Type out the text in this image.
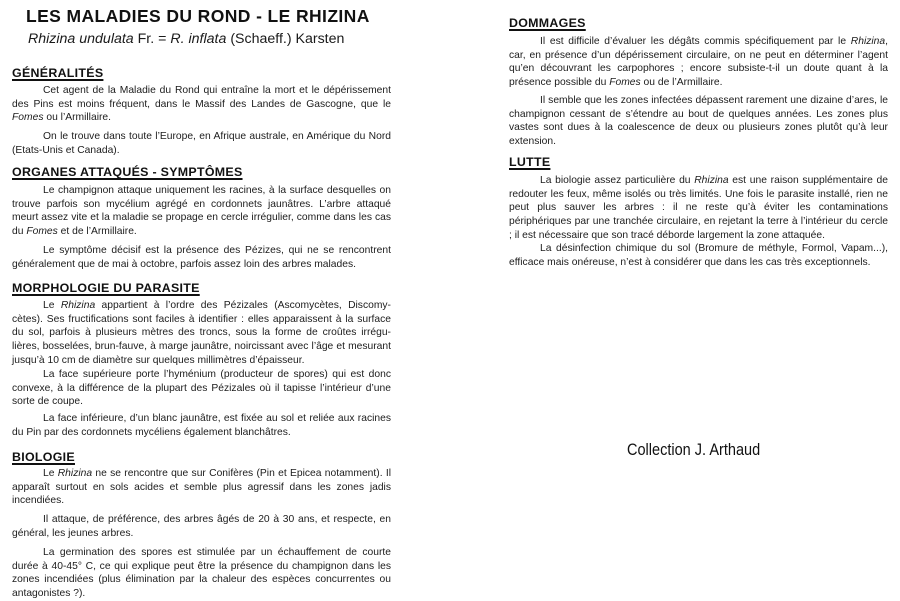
LES MALADIES DU ROND - LE RHIZINA

Rhizina undulata Fr. = R. inflata (Schaeff.) Karsten

GÉNÉRALITÉS

Cet agent de la Maladie du Rond qui entraîne la mort et le dépérissement des Pins est moins fréquent, dans le Massif des Landes de Gascogne, que le Fomes ou l’Armillaire.

On le trouve dans toute l’Europe, en Afrique australe, en Amérique du Nord (Etats-Unis et Canada).

ORGANES ATTAQUÉS - SYMPTÔMES

Le champignon attaque uniquement les racines, à la surface desquelles on trouve parfois son mycélium agrégé en cordonnets jaunâtres. L’arbre attaqué meurt assez vite et la maladie se propage en cercle irrégulier, comme dans les cas du Fomes et de l’Armillaire.

Le symptôme décisif est la présence des Pézizes, qui ne se rencontrent généralement que de mai à octobre, parfois assez loin des arbres malades.

MORPHOLOGIE DU PARASITE

Le Rhizina appartient à l’ordre des Pézizales (Ascomycètes, Discomy-cètes). Ses fructifications sont faciles à identifier : elles apparaissent à la surface du sol, parfois à plusieurs mètres des troncs, sous la forme de croûtes irrégu-lières, bosselées, brun-fauve, à marge jaunâtre, noircissant avec l’âge et mesurant jusqu’à 10 cm de diamètre sur quelques millimètres d’épaisseur.

La face supérieure porte l’hyménium (producteur de spores) qui est donc convexe, à la différence de la plupart des Pézizales où il tapisse l’intérieur d’une sorte de coupe.

La face inférieure, d’un blanc jaunâtre, est fixée au sol et reliée aux racines du Pin par des cordonnets mycéliens également blanchâtres.

BIOLOGIE

Le Rhizina ne se rencontre que sur Conifères (Pin et Epicea notamment). Il apparaît surtout en sols acides et semble plus agressif dans les zones jadis incendiées.

Il attaque, de préférence, des arbres âgés de 20 à 30 ans, et respecte, en général, les jeunes arbres.

La germination des spores est stimulée par un échauffement de courte durée à 40-45° C, ce qui explique peut être la présence du champignon dans les zones incendiées (plus élimination par la chaleur des espèces concurrentes ou antagonistes ?).

DOMMAGES

Il est difficile d’évaluer les dégâts commis spécifiquement par le Rhizina, car, en présence d’un dépérissement circulaire, on ne peut en déterminer l’agent qu’en découvrant les carpophores ; encore subsiste-t-il un doute quant à la présence possible du Fomes ou de l’Armillaire.

Il semble que les zones infectées dépassent rarement une dizaine d’ares, le champignon cessant de s’étendre au bout de quelques années. Les zones plus vastes sont dues à la coalescence de deux ou plusieurs zones plutôt qu’à leur extension.

LUTTE

La biologie assez particulière du Rhizina est une raison supplémentaire de redouter les feux, même isolés ou très limités. Une fois le parasite installé, rien ne peut plus sauver les arbres : il ne reste qu’à éviter les contaminations périphériques par une tranchée circulaire, en rejetant la terre à l’intérieur du cercle ; il est nécessaire que son tracé déborde largement la zone attaquée.

La désinfection chimique du sol (Bromure de méthyle, Formol, Vapam...), efficace mais onéreuse, n’est à considérer que dans les cas très exceptionnels.

Collection J. Arthaud
